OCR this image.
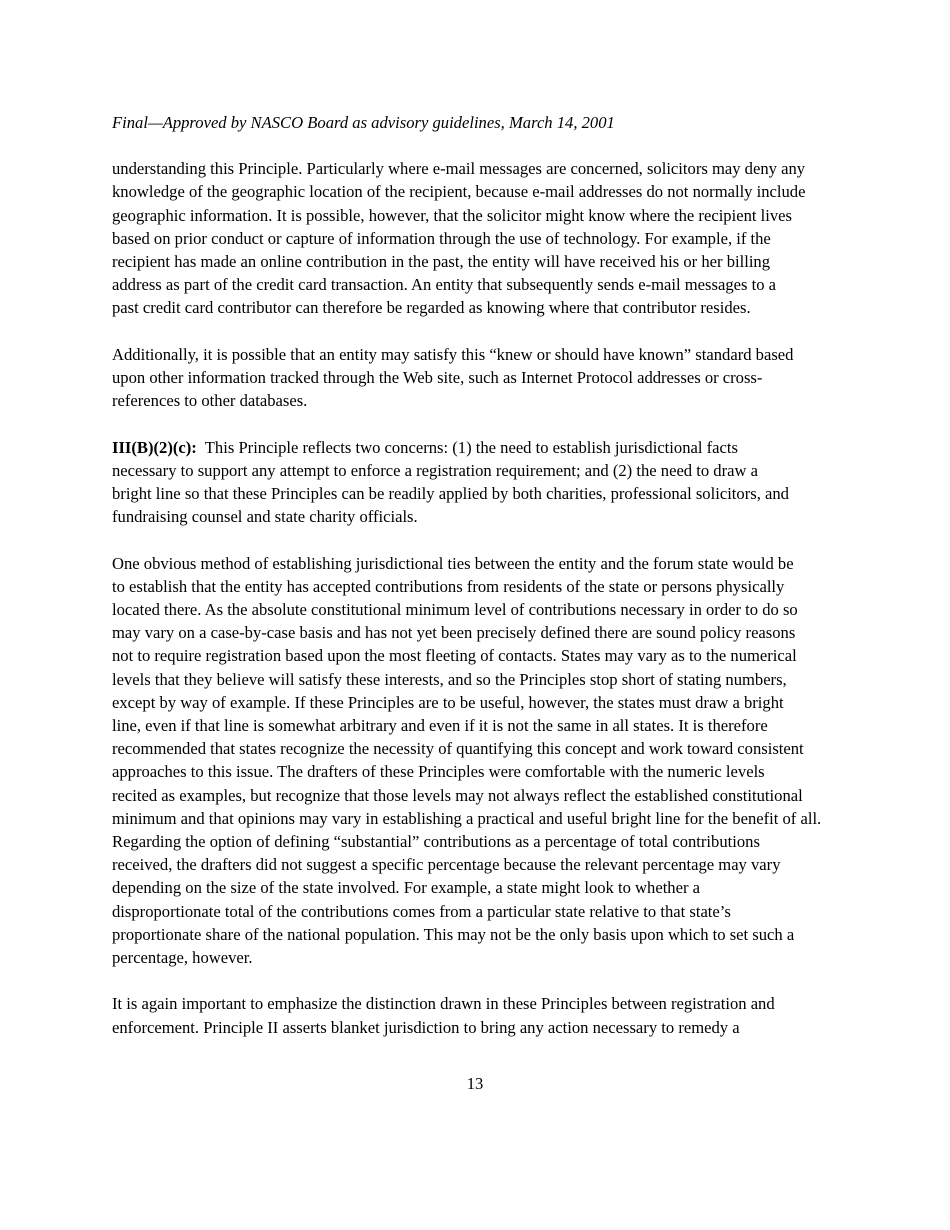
Final—Approved by NASCO Board as advisory guidelines, March 14, 2001
understanding this Principle. Particularly where e-mail messages are concerned, solicitors may deny any
knowledge of the geographic location of the recipient, because e-mail addresses do not normally include
geographic information. It is possible, however, that the solicitor might know where the recipient lives
based on prior conduct or capture of information through the use of technology. For example, if the
recipient has made an online contribution in the past, the entity will have received his or her billing
address as part of the credit card transaction. An entity that subsequently sends e-mail messages to a
past credit card contributor can therefore be regarded as knowing where that contributor resides.
Additionally, it is possible that an entity may satisfy this “knew or should have known” standard based
upon other information tracked through the Web site, such as Internet Protocol addresses or cross-
references to other databases.
III(B)(2)(c):  This Principle reflects two concerns: (1) the need to establish jurisdictional facts
necessary to support any attempt to enforce a registration requirement; and (2) the need to draw a
bright line so that these Principles can be readily applied by both charities, professional solicitors, and
fundraising counsel and state charity officials.
One obvious method of establishing jurisdictional ties between the entity and the forum state would be
to establish that the entity has accepted contributions from residents of the state or persons physically
located there. As the absolute constitutional minimum level of contributions necessary in order to do so
may vary on a case-by-case basis and has not yet been precisely defined there are sound policy reasons
not to require registration based upon the most fleeting of contacts. States may vary as to the numerical
levels that they believe will satisfy these interests, and so the Principles stop short of stating numbers,
except by way of example. If these Principles are to be useful, however, the states must draw a bright
line, even if that line is somewhat arbitrary and even if it is not the same in all states. It is therefore
recommended that states recognize the necessity of quantifying this concept and work toward consistent
approaches to this issue. The drafters of these Principles were comfortable with the numeric levels
recited as examples, but recognize that those levels may not always reflect the established constitutional
minimum and that opinions may vary in establishing a practical and useful bright line for the benefit of all.
Regarding the option of defining “substantial” contributions as a percentage of total contributions
received, the drafters did not suggest a specific percentage because the relevant percentage may vary
depending on the size of the state involved. For example, a state might look to whether a
disproportionate total of the contributions comes from a particular state relative to that state’s
proportionate share of the national population. This may not be the only basis upon which to set such a
percentage, however.
It is again important to emphasize the distinction drawn in these Principles between registration and
enforcement. Principle II asserts blanket jurisdiction to bring any action necessary to remedy a
13
